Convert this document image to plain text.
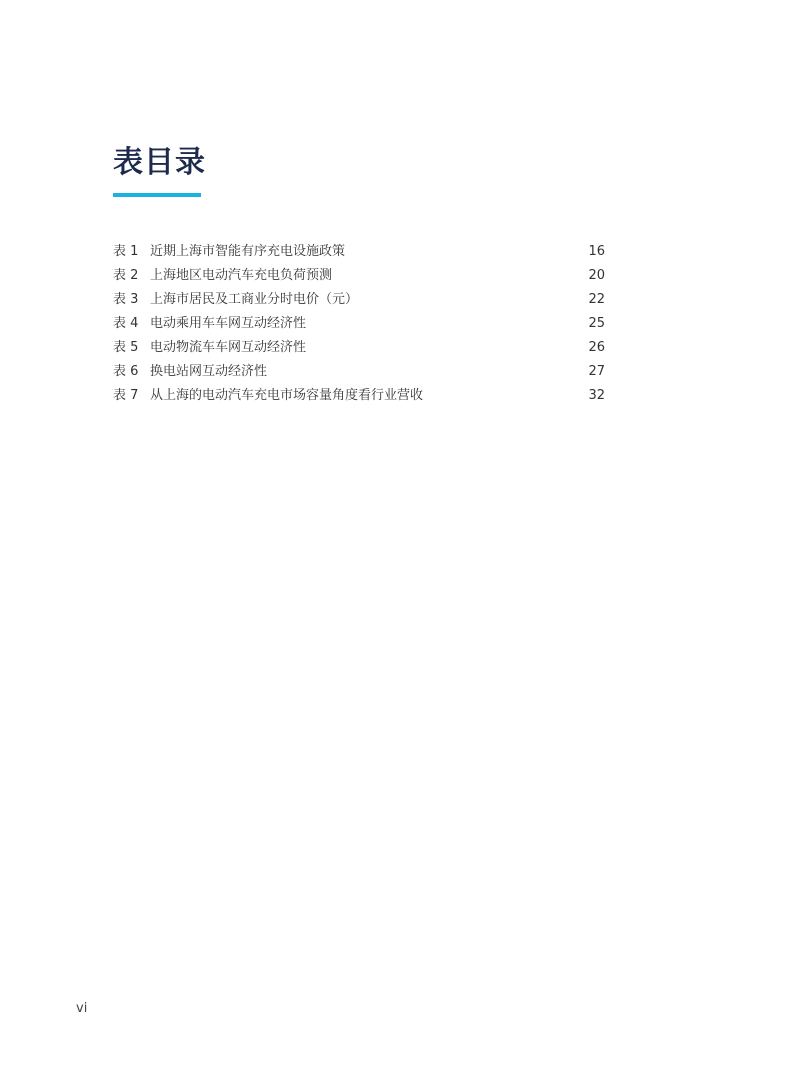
表目录
表 1 近期上海市智能有序充电设施政策	16
表 2 上海地区电动汽车充电负荷预测	20
表 3 上海市居民及工商业分时电价（元）	22
表 4 电动乘用车车网互动经济性	25
表 5 电动物流车车网互动经济性	26
表 6 换电站网互动经济性	27
表 7 从上海的电动汽车充电市场容量角度看行业营收	32
vi
